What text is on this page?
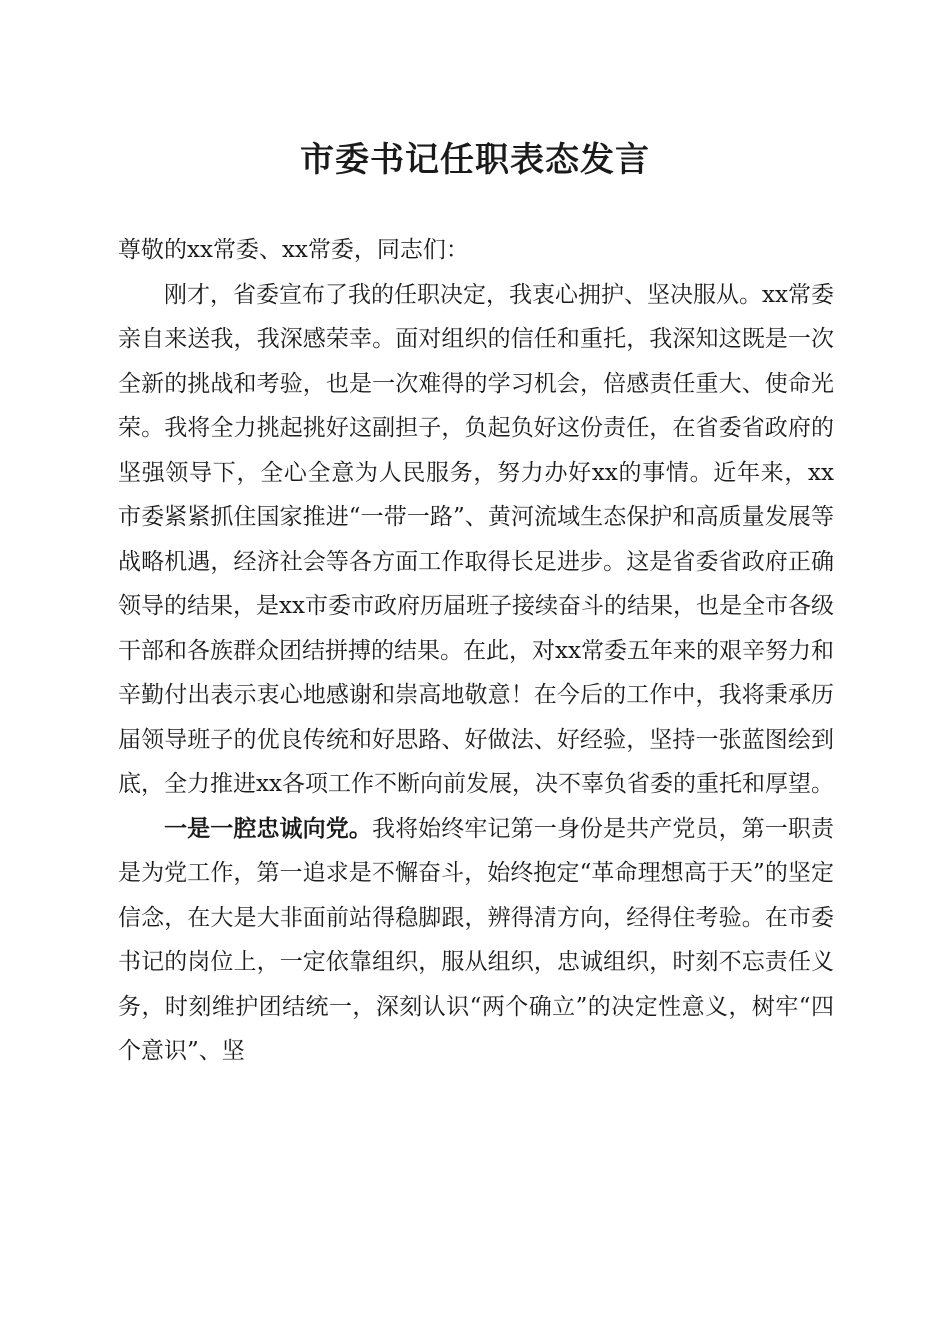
市委书记任职表态发言

尊敬的xx常委、xx常委，同志们：

刚才，省委宣布了我的任职决定，我衷心拥护、坚决服从。xx常委亲自来送我，我深感荣幸。面对组织的信任和重托，我深知这既是一次全新的挑战和考验，也是一次难得的学习机会，倍感责任重大、使命光荣。我将全力挑起挑好这副担子，负起负好这份责任，在省委省政府的坚强领导下，全心全意为人民服务，努力办好xx的事情。近年来，xx市委紧紧抓住国家推进“一带一路”、黄河流域生态保护和高质量发展等战略机遇，经济社会等各方面工作取得长足进步。这是省委省政府正确领导的结果，是xx市委市政府历届班子接续奋斗的结果，也是全市各级干部和各族群众团结拼搏的结果。在此，对xx常委五年来的艰辛努力和辛勤付出表示衷心地感谢和崇高地敬意！在今后的工作中，我将秉承历届领导班子的优良传统和好思路、好做法、好经验，坚持一张蓝图绘到底，全力推进xx各项工作不断向前发展，决不辜负省委的重托和厚望。

一是一腔忠诚向党。我将始终牢记第一身份是共产党员，第一职责是为党工作，第一追求是不懈奋斗，始终抱定“革命理想高于天”的坚定信念，在大是大非面前站得稳脚跟，辨得清方向，经得住考验。在市委书记的岗位上，一定依靠组织，服从组织，忠诚组织，时刻不忘责任义务，时刻维护团结统一，深刻认识“两个确立”的决定性意义，树牢“四个意识”、坚
